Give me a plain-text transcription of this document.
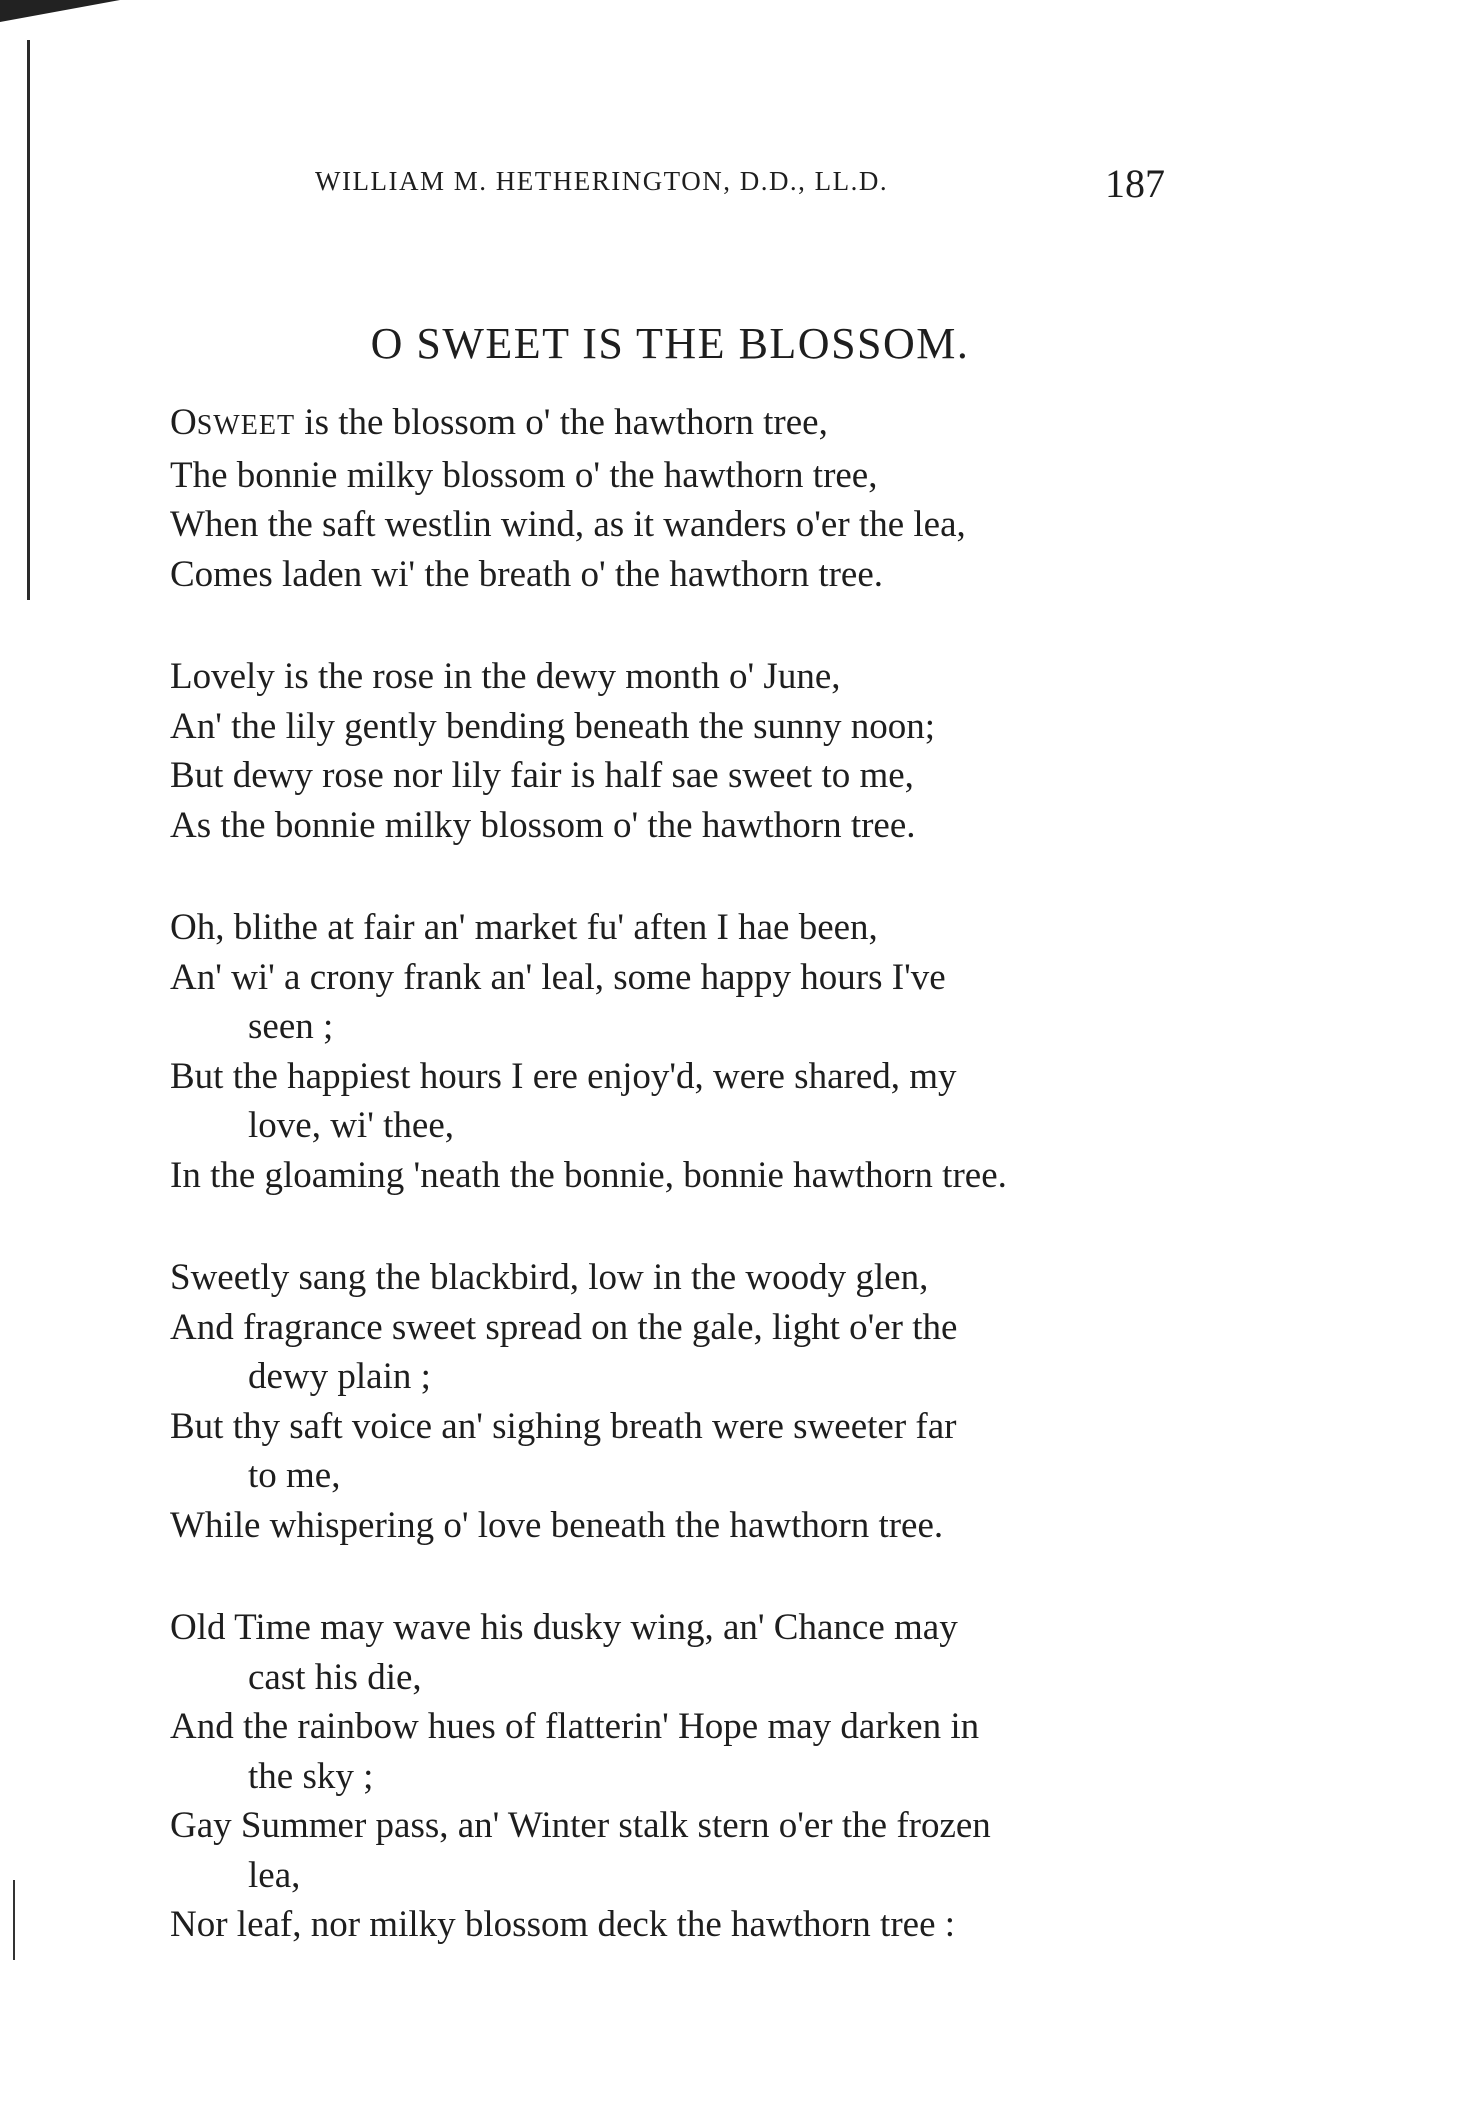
WILLIAM M. HETHERINGTON, D.D., LL.D.	187
O SWEET IS THE BLOSSOM.
OSWEET is the blossom o' the hawthorn tree,
The bonnie milky blossom o' the hawthorn tree,
When the saft westlin wind, as it wanders o'er the lea,
Comes laden wi' the breath o' the hawthorn tree.
Lovely is the rose in the dewy month o' June,
An' the lily gently bending beneath the sunny noon;
But dewy rose nor lily fair is half sae sweet to me,
As the bonnie milky blossom o' the hawthorn tree.
Oh, blithe at fair an' market fu' aften I hae been,
An' wi' a crony frank an' leal, some happy hours I've
seen ;
But the happiest hours I ere enjoy'd, were shared, my
love, wi' thee,
In the gloaming 'neath the bonnie, bonnie hawthorn tree.
Sweetly sang the blackbird, low in the woody glen,
And fragrance sweet spread on the gale, light o'er the
dewy plain ;
But thy saft voice an' sighing breath were sweeter far
to me,
While whispering o' love beneath the hawthorn tree.
Old Time may wave his dusky wing, an' Chance may
cast his die,
And the rainbow hues of flatterin' Hope may darken in
the sky ;
Gay Summer pass, an' Winter stalk stern o'er the frozen
lea,
Nor leaf, nor milky blossom deck the hawthorn tree :
